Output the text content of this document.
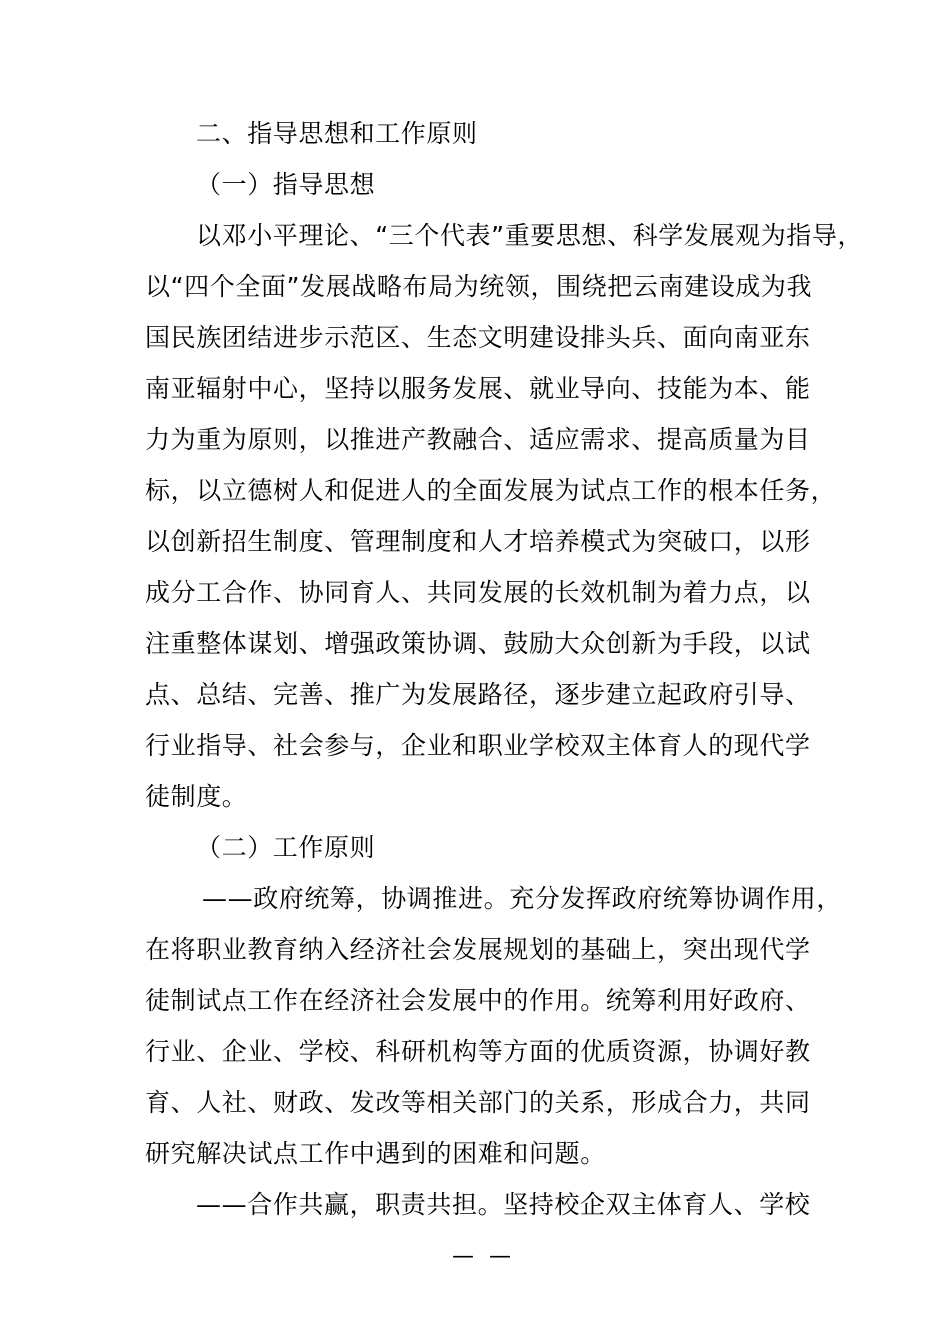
二、指导思想和工作原则
（一）指导思想
以邓小平理论、“三个代表”重要思想、科学发展观为指导，
以“四个全面”发展战略布局为统领，围绕把云南建设成为我
国民族团结进步示范区、生态文明建设排头兵、面向南亚东
南亚辐射中心，坚持以服务发展、就业导向、技能为本、能
力为重为原则，以推进产教融合、适应需求、提高质量为目
标，以立德树人和促进人的全面发展为试点工作的根本任务，
以创新招生制度、管理制度和人才培养模式为突破口，以形
成分工合作、协同育人、共同发展的长效机制为着力点，以
注重整体谋划、增强政策协调、鼓励大众创新为手段，以试
点、总结、完善、推广为发展路径，逐步建立起政府引导、
行业指导、社会参与，企业和职业学校双主体育人的现代学
徒制度。
（二）工作原则
——政府统筹，协调推进。充分发挥政府统筹协调作用，
在将职业教育纳入经济社会发展规划的基础上，突出现代学
徒制试点工作在经济社会发展中的作用。统筹利用好政府、
行业、企业、学校、科研机构等方面的优质资源，协调好教
育、人社、财政、发改等相关部门的关系，形成合力，共同
研究解决试点工作中遇到的困难和问题。
——合作共赢，职责共担。坚持校企双主体育人、学校
— —
